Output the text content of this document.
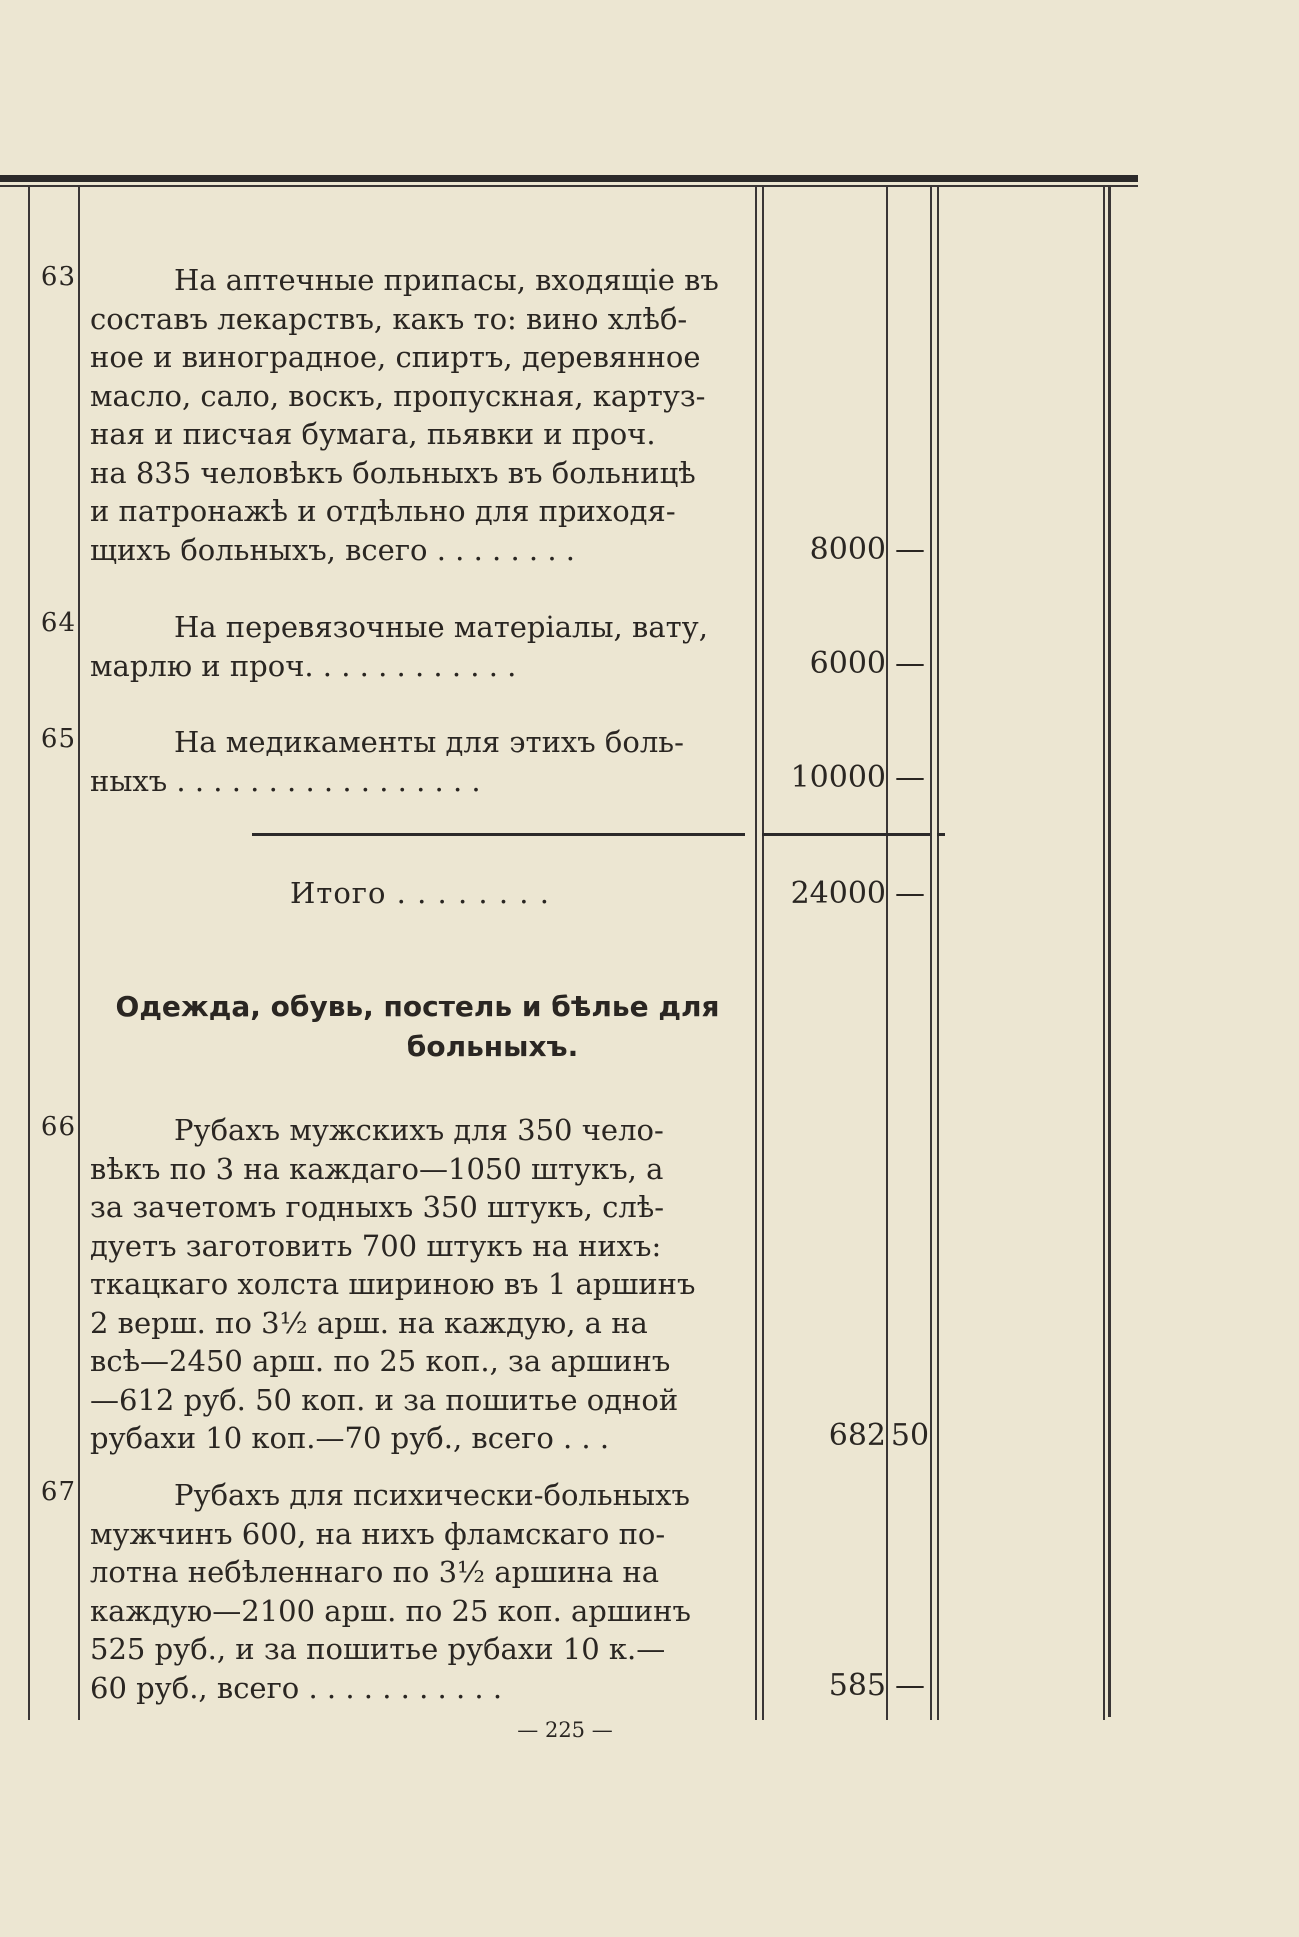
63	На аптечные припасы, входящіе въ

составъ лекарствъ, какъ то: вино хлѣб-
ное и виноградное, спиртъ, деревянное
масло, сало, воскъ, пропускная, картуз-
ная и писчая бумага, пьявки и проч.
на 835 человѣкъ больныхъ въ больницѣ
и патронажѣ и отдѣльно для приходя-
щихъ больныхъ, всего . . . . . . . .	8000 —
64	На перевязочные матеріалы, вату,

марлю и проч. . . . . . . . . . . .	6000 —
65	На медикаменты для этихъ боль-

ныхъ . . . . . . . . . . . . . . . . .	10000 —
Итого . . . . . . . .	24000 —
Одежда, обувь, постель и бѣлье для
больныхъ.
66	Рубахъ мужскихъ для 350 чело-

вѣкъ по 3 на каждаго—1050 штукъ, а
за зачетомъ годныхъ 350 штукъ, слѣ-
дуетъ заготовить 700 штукъ на нихъ:
ткацкаго холста шириною въ 1 аршинъ
2 верш. по 3½ арш. на каждую, а на
всѣ—2450 арш. по 25 коп., за аршинъ
—612 руб. 50 коп. и за пошитье одной
рубахи 10 коп.—70 руб., всего . . .	682 50
67	Рубахъ для психически-больныхъ

мужчинъ 600, на нихъ фламскаго по-
лотна небѣленнаго по 3½ аршина на
каждую—2100 арш. по 25 коп. аршинъ
525 руб., и за пошитье рубахи 10 к.—
60 руб., всего . . . . . . . . . . .	585 —
— 225 —
